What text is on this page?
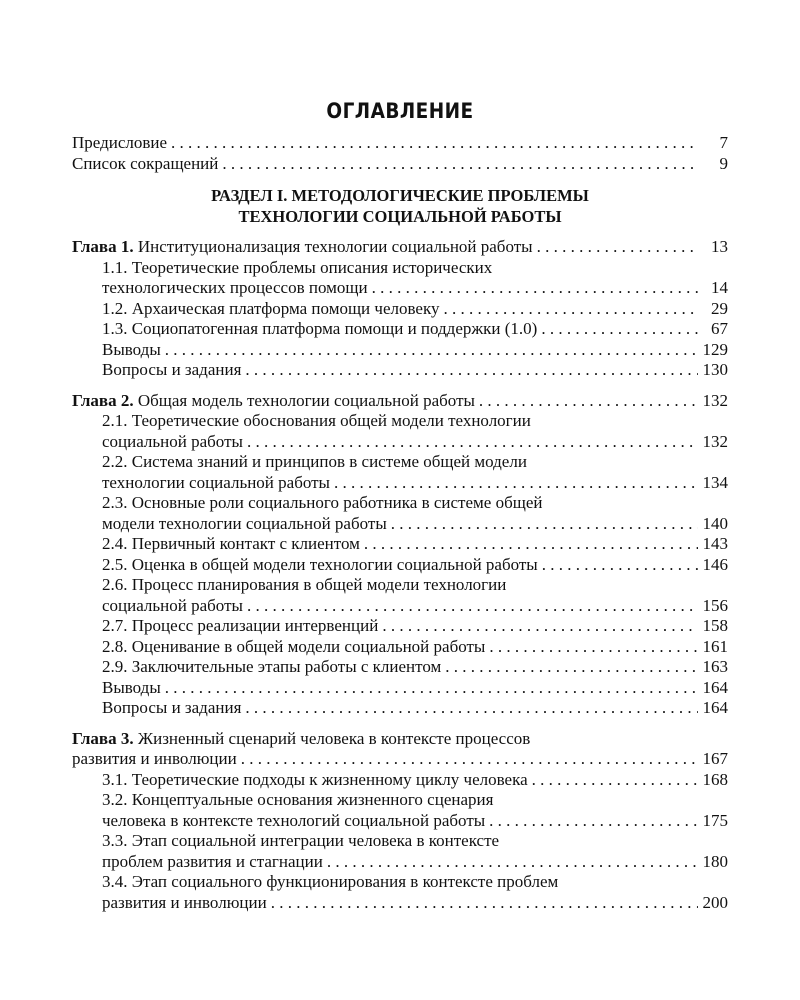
ОГЛАВЛЕНИЕ
Предисловие . . .	7
Список сокращений . . .	9
РАЗДЕЛ I. МЕТОДОЛОГИЧЕСКИЕ ПРОБЛЕМЫ
ТЕХНОЛОГИИ СОЦИАЛЬНОЙ РАБОТЫ
Глава 1. Институционализация технологии социальной работы . . .	13
1.1. Теоретические проблемы описания исторических
технологических процессов помощи . . .	14
1.2. Архаическая платформа помощи человеку . . .	29
1.3. Социопатогенная платформа помощи и поддержки (1.0) . . .	67
Выводы . . .	129
Вопросы и задания . . .	130
Глава 2. Общая модель технологии социальной работы . . .	132
2.1. Теоретические обоснования общей модели технологии
социальной работы . . .	132
2.2. Система знаний и принципов в системе общей модели
технологии социальной работы . . .	134
2.3. Основные роли социального работника в системе общей
модели технологии социальной работы . . .	140
2.4. Первичный контакт с клиентом . . .	143
2.5. Оценка в общей модели технологии социальной работы . . .	146
2.6. Процесс планирования в общей модели технологии
социальной работы . . .	156
2.7. Процесс реализации интервенций . . .	158
2.8. Оценивание в общей модели социальной работы . . .	161
2.9. Заключительные этапы работы с клиентом . . .	163
Выводы . . .	164
Вопросы и задания . . .	164
Глава 3. Жизненный сценарий человека в контексте процессов
развития и инволюции . . .	167
3.1. Теоретические подходы к жизненному циклу человека . . .	168
3.2. Концептуальные основания жизненного сценария
человека в контексте технологий социальной работы . . .	175
3.3. Этап социальной интеграции человека в контексте
проблем развития и стагнации . . .	180
3.4. Этап социального функционирования в контексте проблем
развития и инволюции . . .	200
